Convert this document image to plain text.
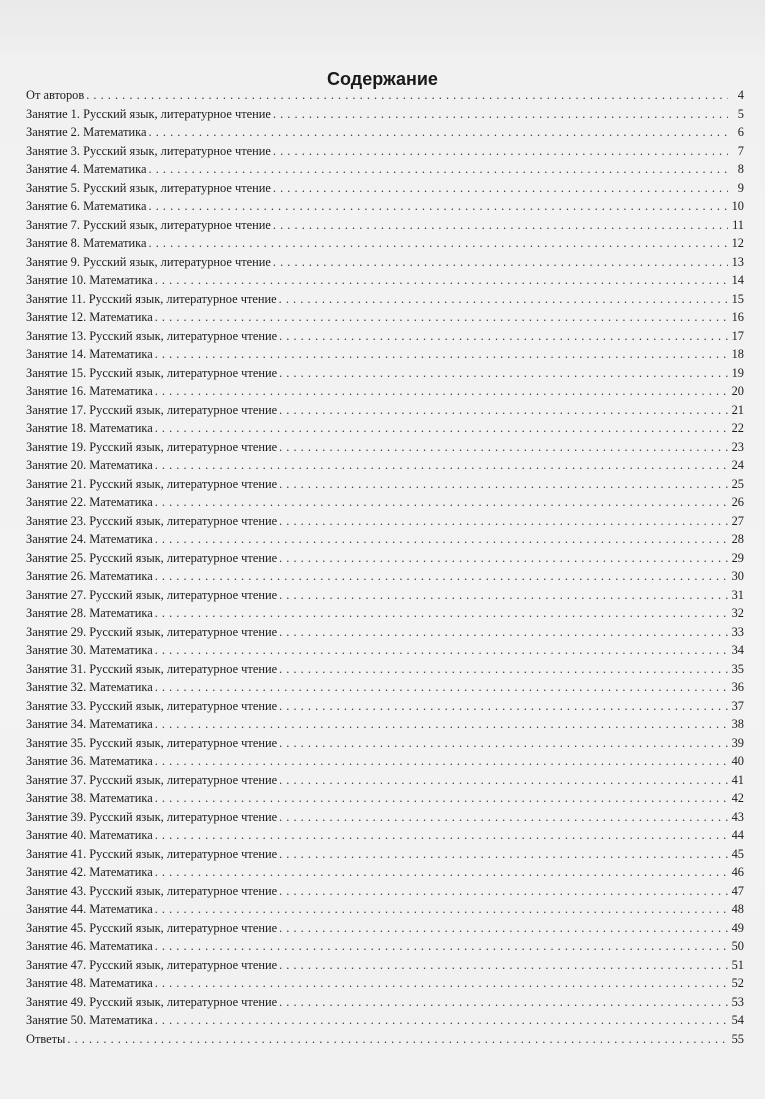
Содержание
От авторов . . .	4
Занятие 1. Русский язык, литературное чтение . . .	5
Занятие 2. Математика . . .	6
Занятие 3. Русский язык, литературное чтение . . .	7
Занятие 4. Математика . . .	8
Занятие 5. Русский язык, литературное чтение . . .	9
Занятие 6. Математика . . .	10
Занятие 7. Русский язык, литературное чтение . . .	11
Занятие 8. Математика . . .	12
Занятие 9. Русский язык, литературное чтение . . .	13
Занятие 10. Математика . . .	14
Занятие 11. Русский язык, литературное чтение . . .	15
Занятие 12. Математика . . .	16
Занятие 13. Русский язык, литературное чтение . . .	17
Занятие 14. Математика . . .	18
Занятие 15. Русский язык, литературное чтение . . .	19
Занятие 16. Математика . . .	20
Занятие 17. Русский язык, литературное чтение . . .	21
Занятие 18. Математика . . .	22
Занятие 19. Русский язык, литературное чтение . . .	23
Занятие 20. Математика . . .	24
Занятие 21. Русский язык, литературное чтение . . .	25
Занятие 22. Математика . . .	26
Занятие 23. Русский язык, литературное чтение . . .	27
Занятие 24. Математика . . .	28
Занятие 25. Русский язык, литературное чтение . . .	29
Занятие 26. Математика . . .	30
Занятие 27. Русский язык, литературное чтение . . .	31
Занятие 28. Математика . . .	32
Занятие 29. Русский язык, литературное чтение . . .	33
Занятие 30. Математика . . .	34
Занятие 31. Русский язык, литературное чтение . . .	35
Занятие 32. Математика . . .	36
Занятие 33. Русский язык, литературное чтение . . .	37
Занятие 34. Математика . . .	38
Занятие 35. Русский язык, литературное чтение . . .	39
Занятие 36. Математика . . .	40
Занятие 37. Русский язык, литературное чтение . . .	41
Занятие 38. Математика . . .	42
Занятие 39. Русский язык, литературное чтение . . .	43
Занятие 40. Математика . . .	44
Занятие 41. Русский язык, литературное чтение . . .	45
Занятие 42. Математика . . .	46
Занятие 43. Русский язык, литературное чтение . . .	47
Занятие 44. Математика . . .	48
Занятие 45. Русский язык, литературное чтение . . .	49
Занятие 46. Математика . . .	50
Занятие 47. Русский язык, литературное чтение . . .	51
Занятие 48. Математика . . .	52
Занятие 49. Русский язык, литературное чтение . . .	53
Занятие 50. Математика . . .	54
Ответы . . .	55
